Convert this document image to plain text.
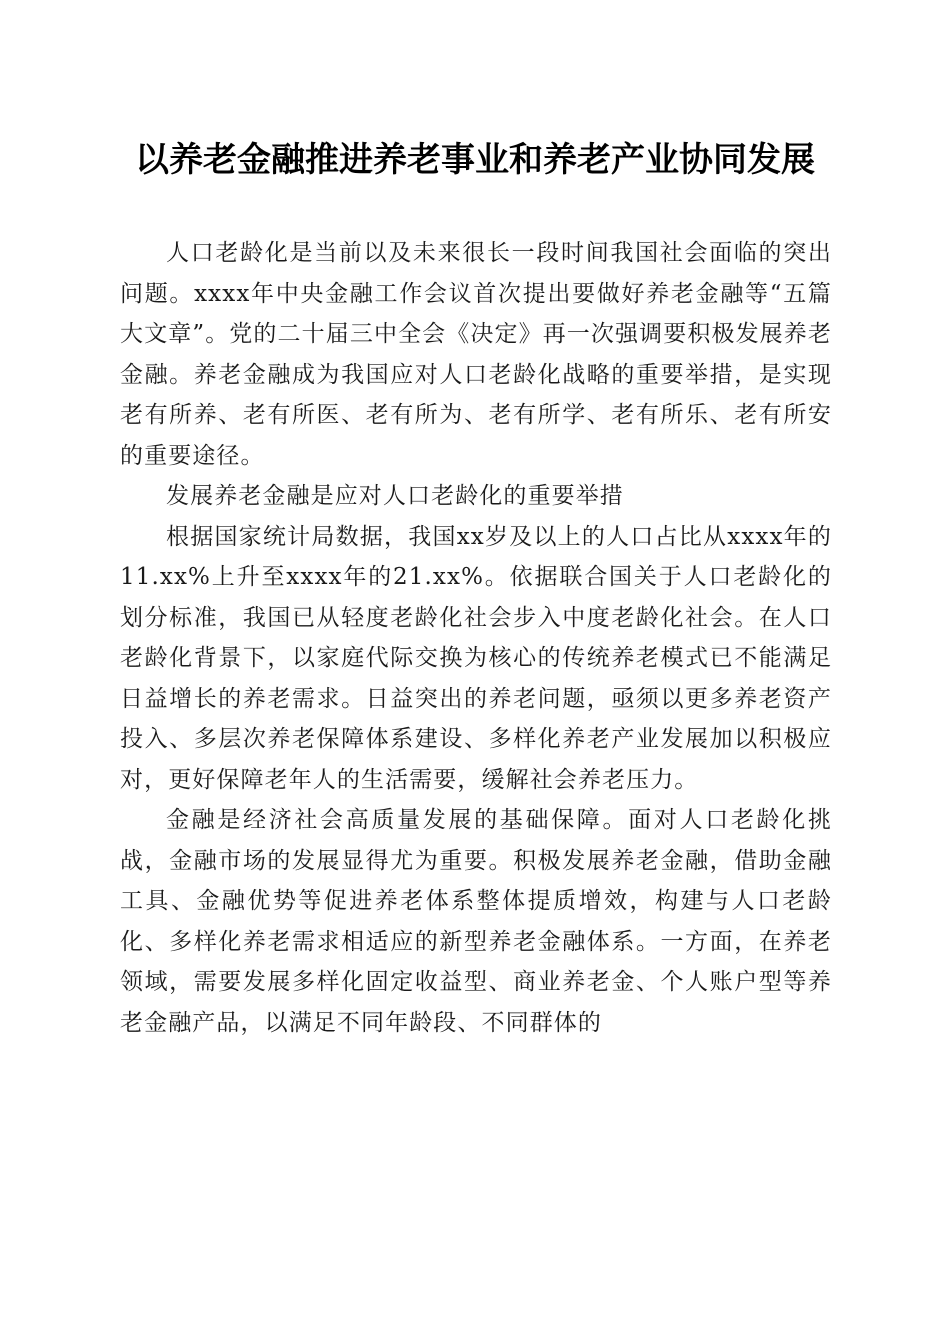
以养老金融推进养老事业和养老产业协同发展

人口老龄化是当前以及未来很长一段时间我国社会面临的突出问题。xxxx年中央金融工作会议首次提出要做好养老金融等“五篇大文章”。党的二十届三中全会《决定》再一次强调要积极发展养老金融。养老金融成为我国应对人口老龄化战略的重要举措，是实现老有所养、老有所医、老有所为、老有所学、老有所乐、老有所安的重要途径。

发展养老金融是应对人口老龄化的重要举措

根据国家统计局数据，我国xx岁及以上的人口占比从xxxx年的11.xx%上升至xxxx年的21.xx%。依据联合国关于人口老龄化的划分标准，我国已从轻度老龄化社会步入中度老龄化社会。在人口老龄化背景下，以家庭代际交换为核心的传统养老模式已不能满足日益增长的养老需求。日益突出的养老问题，亟须以更多养老资产投入、多层次养老保障体系建设、多样化养老产业发展加以积极应对，更好保障老年人的生活需要，缓解社会养老压力。

金融是经济社会高质量发展的基础保障。面对人口老龄化挑战，金融市场的发展显得尤为重要。积极发展养老金融，借助金融工具、金融优势等促进养老体系整体提质增效，构建与人口老龄化、多样化养老需求相适应的新型养老金融体系。一方面，在养老领域，需要发展多样化固定收益型、商业养老金、个人账户型等养老金融产品，以满足不同年龄段、不同群体的
